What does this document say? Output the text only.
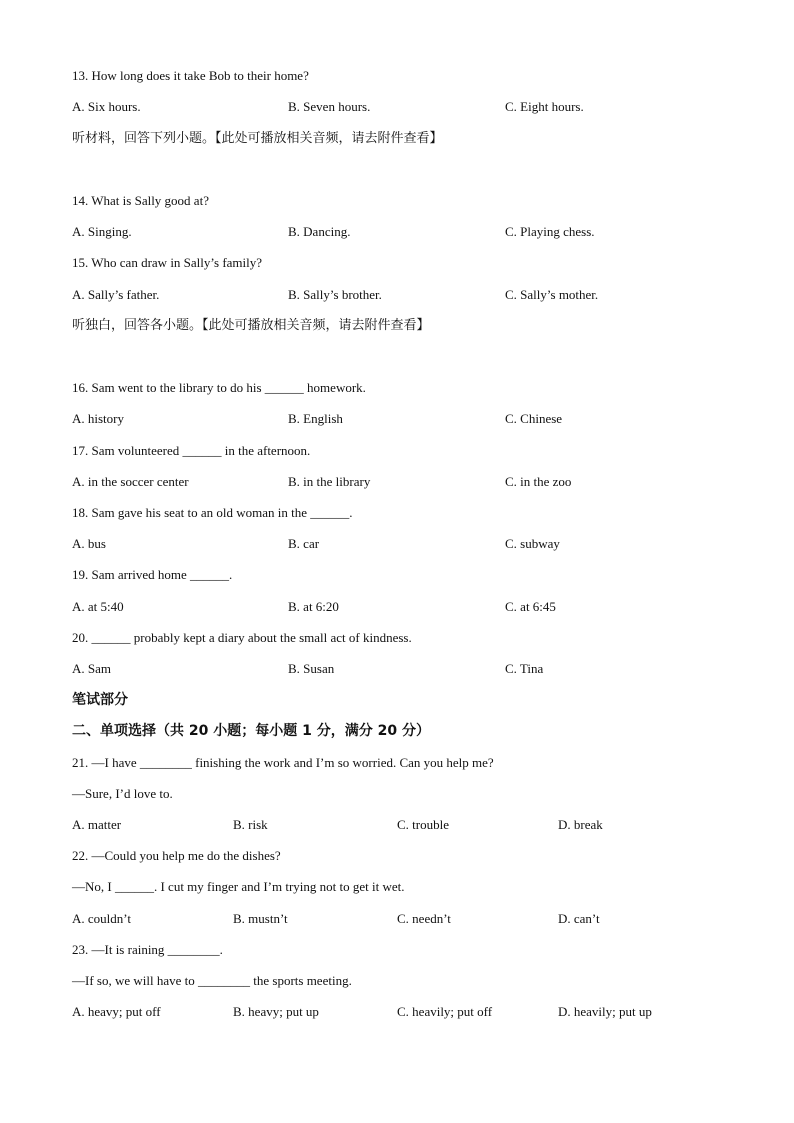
13. How long does it take Bob to their home?
A. Six hours.	B. Seven hours.	C. Eight hours.
听材料，回答下列小题。【此处可播放相关音频，请去附件查看】
14. What is Sally good at?
A. Singing.	B. Dancing.	C. Playing chess.
15. Who can draw in Sally’s family?
A. Sally’s father.	B. Sally’s brother.	C. Sally’s mother.
听独白，回答各小题。【此处可播放相关音频，请去附件查看】
16. Sam went to the library to do his ______ homework.
A. history	B. English	C. Chinese
17. Sam volunteered ______ in the afternoon.
A. in the soccer center	B. in the library	C. in the zoo
18. Sam gave his seat to an old woman in the ______.
A. bus	B. car	C. subway
19. Sam arrived home ______.
A. at 5:40	B. at 6:20	C. at 6:45
20. ______ probably kept a diary about the small act of kindness.
A. Sam	B. Susan	C. Tina
笔试部分
二、单项选择（共 20 小题；每小题 1 分，满分 20 分）
21. —I have ________ finishing the work and I’m so worried. Can you help me?
—Sure, I’d love to.
A. matter	B. risk	C. trouble	D. break
22. —Could you help me do the dishes?
—No, I ______. I cut my finger and I’m trying not to get it wet.
A. couldn’t	B. mustn’t	C. needn’t	D. can’t
23. —It is raining ________.
—If so, we will have to ________ the sports meeting.
A. heavy; put off	B. heavy; put up	C. heavily; put off	D. heavily; put up
